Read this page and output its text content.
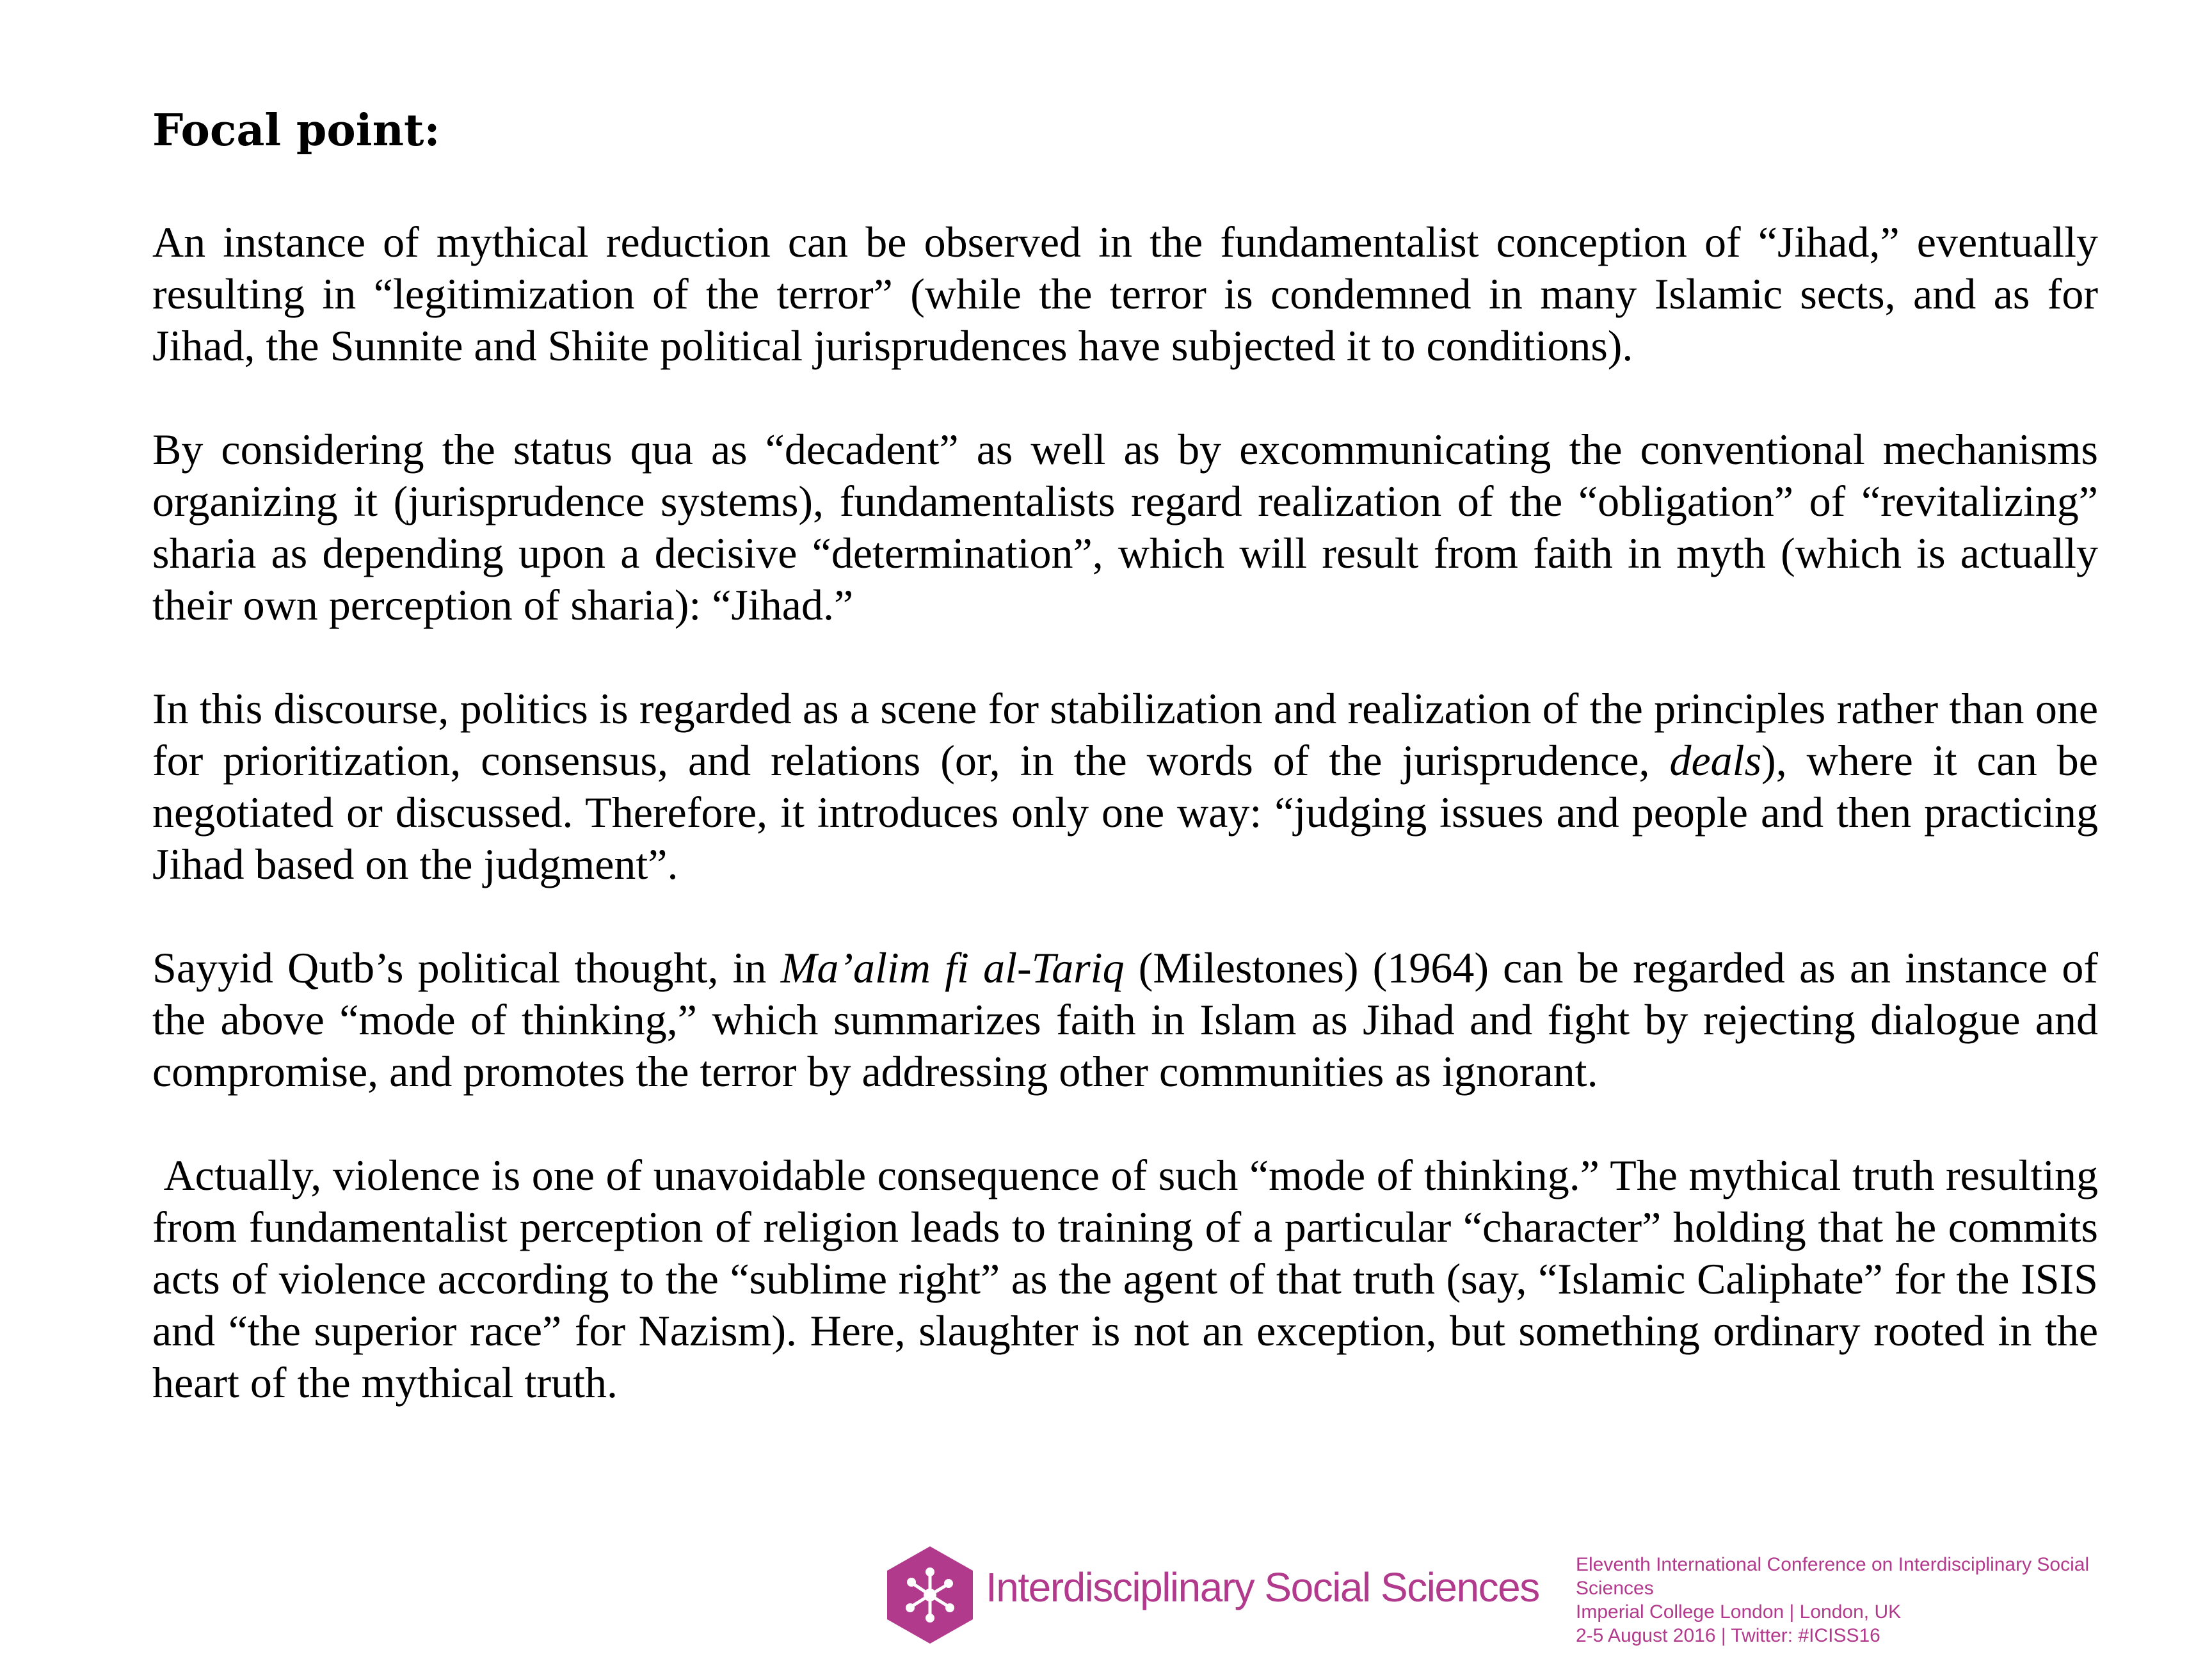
Focal point:

An instance of mythical reduction can be observed in the fundamentalist conception of “Jihad,” eventually resulting in “legitimization of the terror” (while the terror is condemned in many Islamic sects, and as for Jihad, the Sunnite and Shiite political jurisprudences have subjected it to conditions).

By considering the status qua as “decadent” as well as by excommunicating the conventional mechanisms organizing it (jurisprudence systems), fundamentalists regard realization of the “obligation” of “revitalizing” sharia as depending upon a decisive “determination”, which will result from faith in myth (which is actually their own perception of sharia): “Jihad.”

In this discourse, politics is regarded as a scene for stabilization and realization of the principles rather than one for prioritization, consensus, and relations (or, in the words of the jurisprudence, deals), where it can be negotiated or discussed. Therefore, it introduces only one way: “judging issues and people and then practicing Jihad based on the judgment”.

Sayyid Qutb’s political thought, in Ma’alim fi al-Tariq (Milestones) (1964) can be regarded as an instance of the above “mode of thinking,” which summarizes faith in Islam as Jihad and fight by rejecting dialogue and compromise, and promotes the terror by addressing other communities as ignorant.

Actually, violence is one of unavoidable consequence of such “mode of thinking.” The mythical truth resulting from fundamentalist perception of religion leads to training of a particular “character” holding that he commits acts of violence according to the “sublime right” as the agent of that truth (say, “Islamic Caliphate” for the ISIS and “the superior race” for Nazism). Here, slaughter is not an exception, but something ordinary rooted in the heart of the mythical truth.

Interdisciplinary Social Sciences Eleventh International Conference on Interdisciplinary Social Sciences
Imperial College London | London, UK
2-5 August 2016 | Twitter: #ICISS16
